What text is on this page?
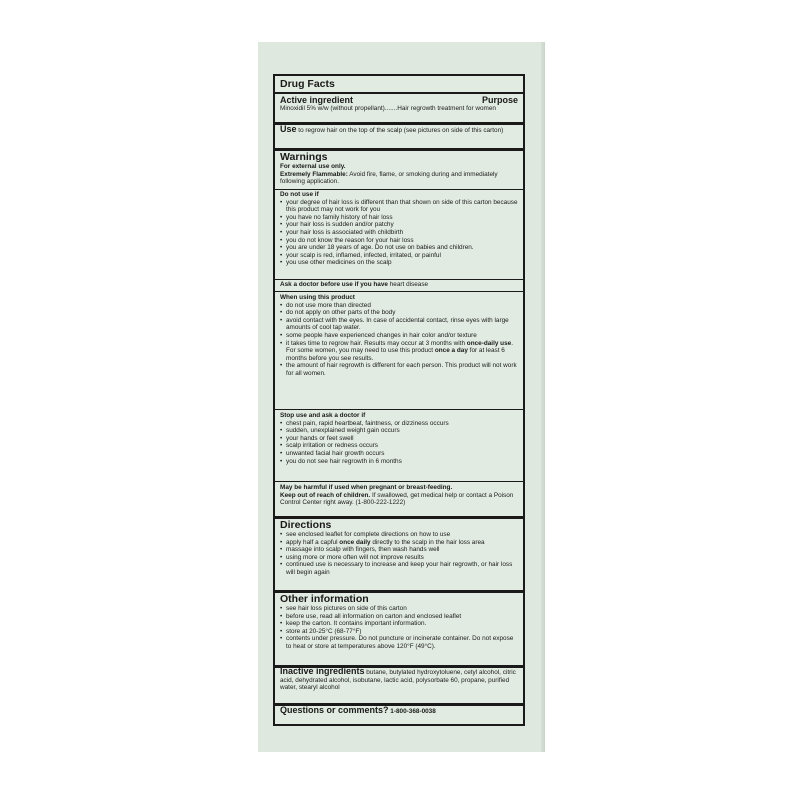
Drug Facts
Active ingredient	Purpose
Minoxidil 5% w/w (without propellant).......Hair regrowth treatment for women
Use to regrow hair on the top of the scalp (see pictures on side of this carton)
Warnings
For external use only.
Extremely Flammable: Avoid fire, flame, or smoking during and immediately following application.
Do not use if
• your degree of hair loss is different than that shown on side of this carton because this product may not work for you
• you have no family history of hair loss
• your hair loss is sudden and/or patchy
• your hair loss is associated with childbirth
• you do not know the reason for your hair loss
• you are under 18 years of age. Do not use on babies and children.
• your scalp is red, inflamed, infected, irritated, or painful
• you use other medicines on the scalp
Ask a doctor before use if you have heart disease
When using this product
• do not use more than directed
• do not apply on other parts of the body
• avoid contact with the eyes. In case of accidental contact, rinse eyes with large amounts of cool tap water.
• some people have experienced changes in hair color and/or texture
• it takes time to regrow hair. Results may occur at 3 months with once-daily use. For some women, you may need to use this product once a day for at least 6 months before you see results.
• the amount of hair regrowth is different for each person. This product will not work for all women.
Stop use and ask a doctor if
• chest pain, rapid heartbeat, faintness, or dizziness occurs
• sudden, unexplained weight gain occurs
• your hands or feet swell
• scalp irritation or redness occurs
• unwanted facial hair growth occurs
• you do not see hair regrowth in 6 months
May be harmful if used when pregnant or breast-feeding.
Keep out of reach of children. If swallowed, get medical help or contact a Poison Control Center right away. (1-800-222-1222)
Directions
• see enclosed leaflet for complete directions on how to use
• apply half a capful once daily directly to the scalp in the hair loss area
• massage into scalp with fingers, then wash hands well
• using more or more often will not improve results
• continued use is necessary to increase and keep your hair regrowth, or hair loss will begin again
Other information
• see hair loss pictures on side of this carton
• before use, read all information on carton and enclosed leaflet
• keep the carton. It contains important information.
• store at 20-25°C (68-77°F)
• contents under pressure. Do not puncture or incinerate container. Do not expose to heat or store at temperatures above 120°F (49°C).
Inactive ingredients butane, butylated hydroxytoluene, cetyl alcohol, citric acid, dehydrated alcohol, isobutane, lactic acid, polysorbate 60, propane, purified water, stearyl alcohol
Questions or comments? 1-800-368-0038
